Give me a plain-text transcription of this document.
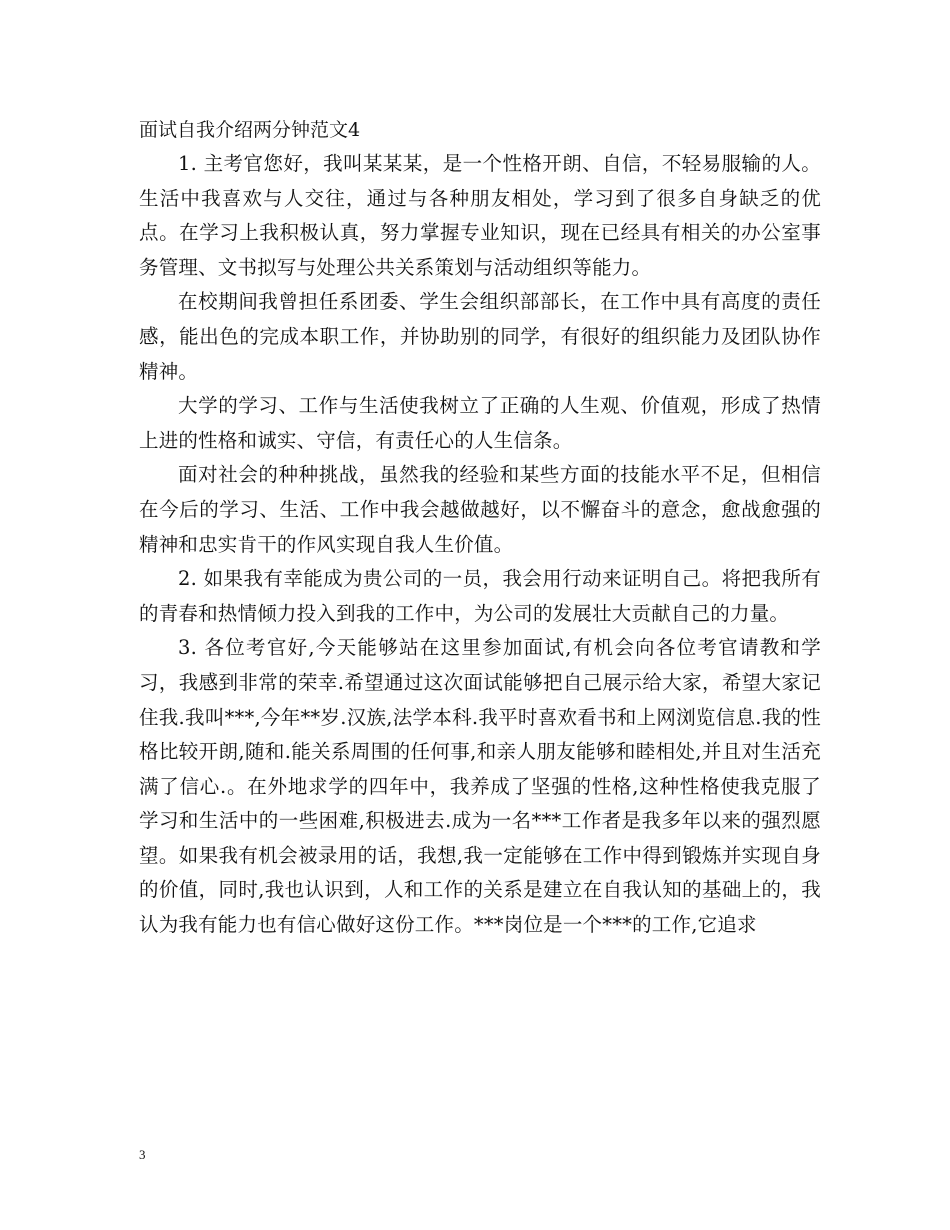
面试自我介绍两分钟范文4

1. 主考官您好，我叫某某某，是一个性格开朗、自信，不轻易服输的人。生活中我喜欢与人交往，通过与各种朋友相处，学习到了很多自身缺乏的优点。在学习上我积极认真，努力掌握专业知识，现在已经具有相关的办公室事务管理、文书拟写与处理公共关系策划与活动组织等能力。

在校期间我曾担任系团委、学生会组织部部长，在工作中具有高度的责任感，能出色的完成本职工作，并协助别的同学，有很好的组织能力及团队协作精神。

大学的学习、工作与生活使我树立了正确的人生观、价值观，形成了热情上进的性格和诚实、守信，有责任心的人生信条。

面对社会的种种挑战，虽然我的经验和某些方面的技能水平不足，但相信在今后的学习、生活、工作中我会越做越好，以不懈奋斗的意念，愈战愈强的精神和忠实肯干的作风实现自我人生价值。

2. 如果我有幸能成为贵公司的一员，我会用行动来证明自己。将把我所有的青春和热情倾力投入到我的工作中，为公司的发展壮大贡献自己的力量。

3. 各位考官好,今天能够站在这里参加面试,有机会向各位考官请教和学习，我感到非常的荣幸.希望通过这次面试能够把自己展示给大家，希望大家记住我.我叫***,今年**岁.汉族,法学本科.我平时喜欢看书和上网浏览信息.我的性格比较开朗,随和.能关系周围的任何事,和亲人朋友能够和睦相处,并且对生活充满了信心.。在外地求学的四年中，我养成了坚强的性格,这种性格使我克服了学习和生活中的一些困难,积极进去.成为一名***工作者是我多年以来的强烈愿望。如果我有机会被录用的话，我想,我一定能够在工作中得到锻炼并实现自身的价值，同时,我也认识到，人和工作的关系是建立在自我认知的基础上的，我认为我有能力也有信心做好这份工作。***岗位是一个***的工作,它追求

3
